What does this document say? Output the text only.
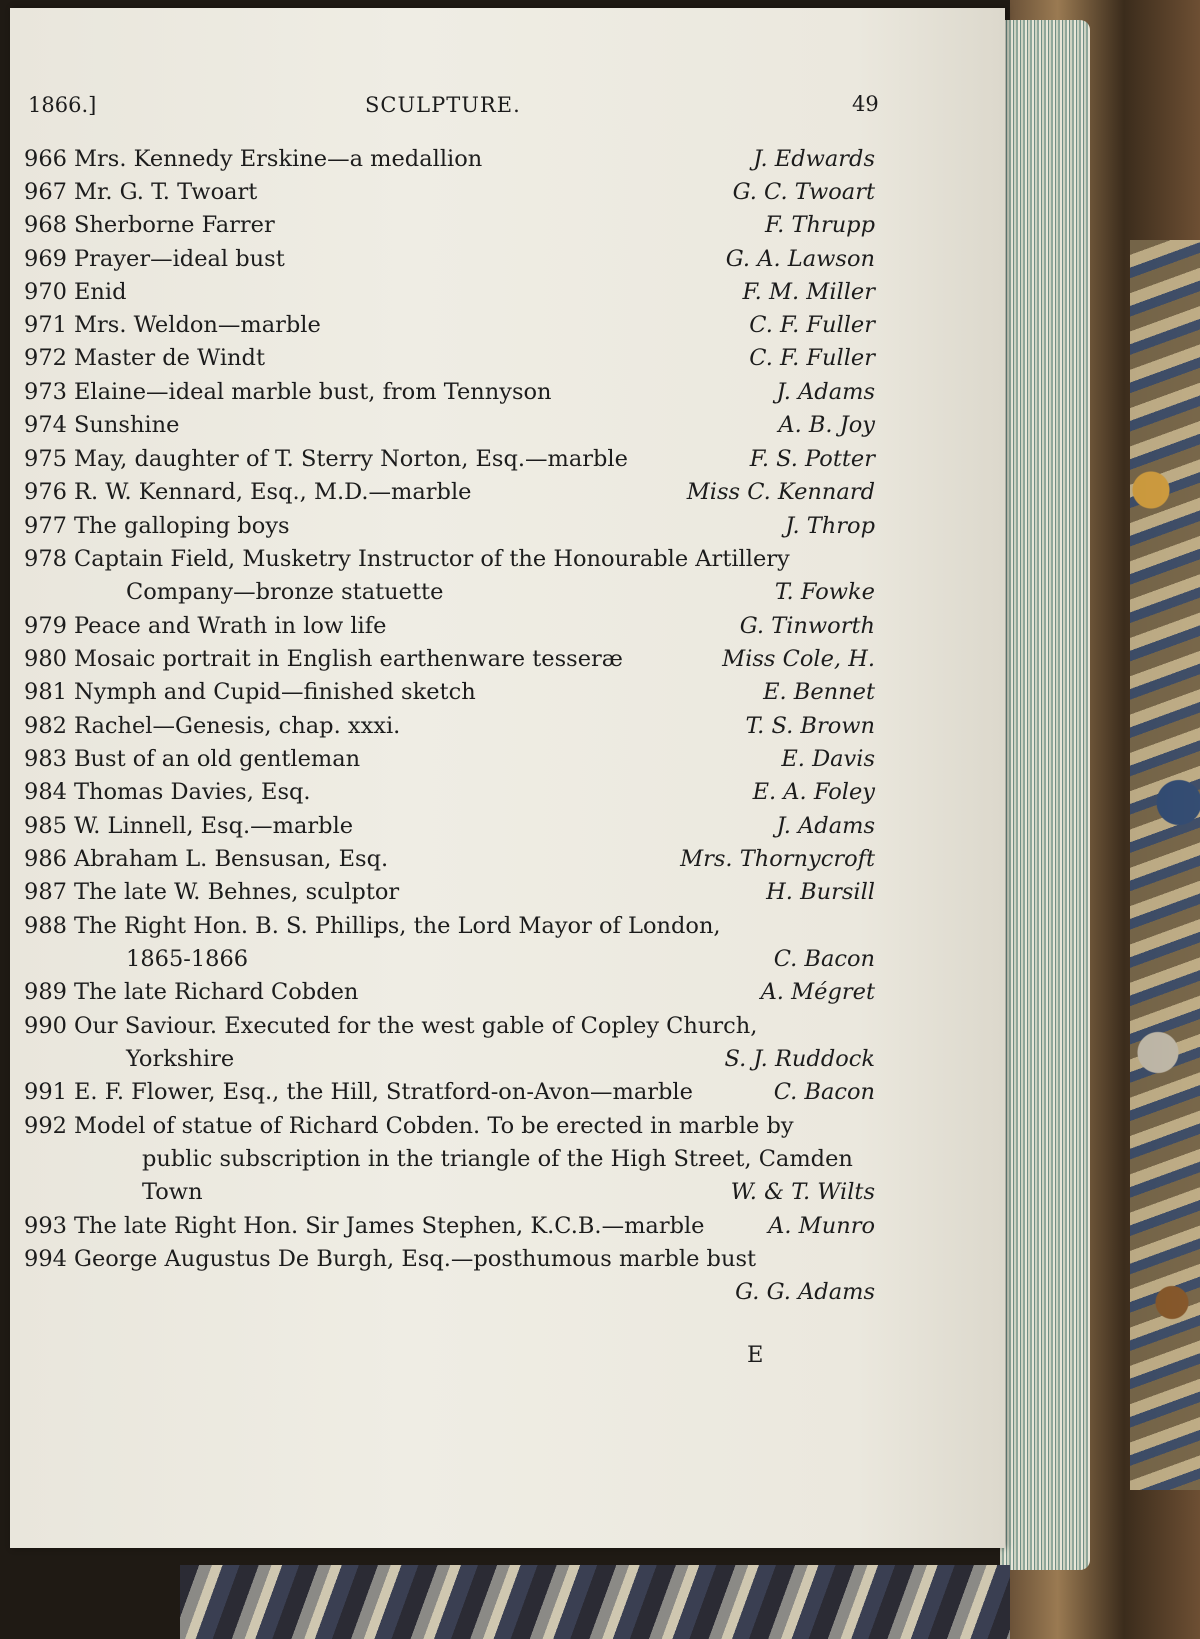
1866.]	SCULPTURE.	49
966 Mrs. Kennedy Erskine—a medallion	J. Edwards
967 Mr. G. T. Twoart	G. C. Twoart
968 Sherborne Farrer	F. Thrupp
969 Prayer—ideal bust	G. A. Lawson
970 Enid	F. M. Miller
971 Mrs. Weldon—marble	C. F. Fuller
972 Master de Windt	C. F. Fuller
973 Elaine—ideal marble bust, from Tennyson	J. Adams
974 Sunshine	A. B. Joy
975 May, daughter of T. Sterry Norton, Esq.—marble	F. S. Potter
976 R. W. Kennard, Esq., M.D.—marble	Miss C. Kennard
977 The galloping boys	J. Throp
978 Captain Field, Musketry Instructor of the Honourable Artillery
Company—bronze statuette	T. Fowke
979 Peace and Wrath in low life	G. Tinworth
980 Mosaic portrait in English earthenware tesseræ	Miss Cole, H.
981 Nymph and Cupid—finished sketch	E. Bennet
982 Rachel—Genesis, chap. xxxi.	T. S. Brown
983 Bust of an old gentleman	E. Davis
984 Thomas Davies, Esq.	E. A. Foley
985 W. Linnell, Esq.—marble	J. Adams
986 Abraham L. Bensusan, Esq.	Mrs. Thornycroft
987 The late W. Behnes, sculptor	H. Bursill
988 The Right Hon. B. S. Phillips, the Lord Mayor of London,
1865-1866	C. Bacon
989 The late Richard Cobden	A. Mégret
990 Our Saviour. Executed for the west gable of Copley Church,
Yorkshire	S. J. Ruddock
991 E. F. Flower, Esq., the Hill, Stratford-on-Avon—marble	C. Bacon
992 Model of statue of Richard Cobden. To be erected in marble by
public subscription in the triangle of the High Street, Camden
Town	W. & T. Wilts
993 The late Right Hon. Sir James Stephen, K.C.B.—marble	A. Munro
994 George Augustus De Burgh, Esq.—posthumous marble bust
G. G. Adams
E
